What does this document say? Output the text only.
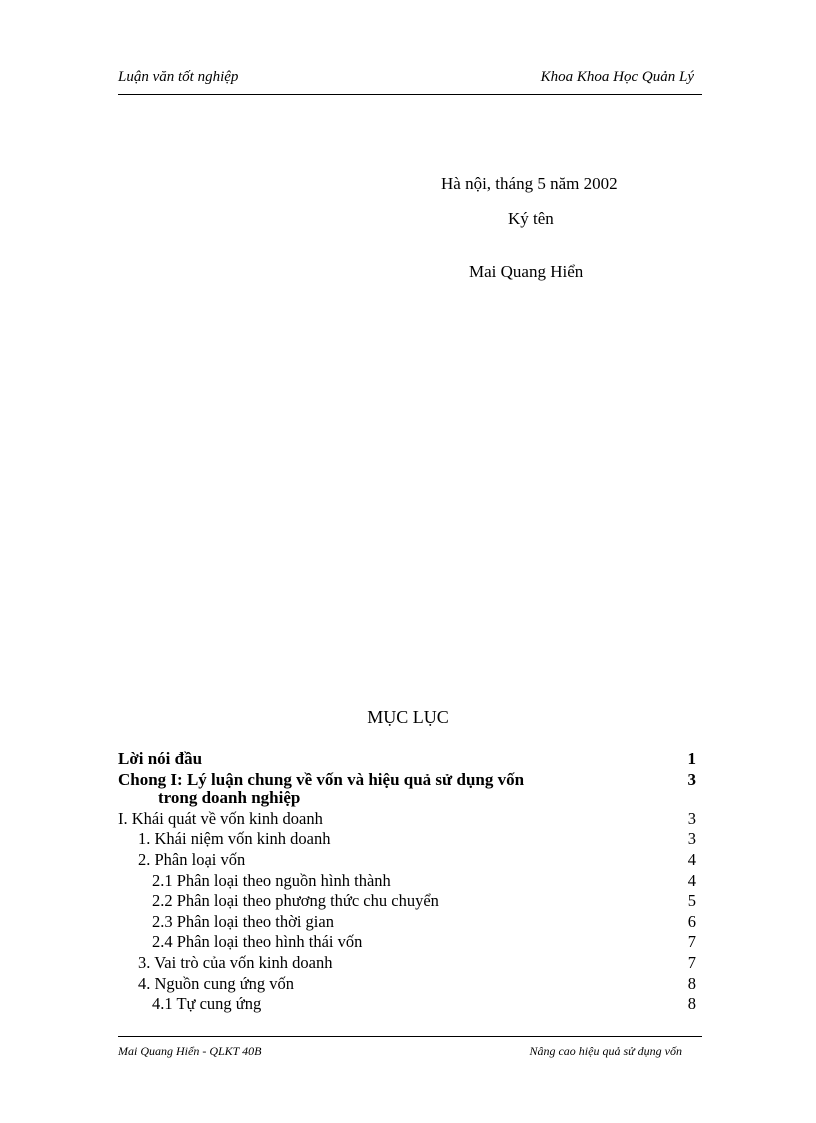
Luận văn tốt nghiệp	Khoa Khoa Học Quản Lý
Hà nội, tháng 5 năm 2002
Ký tên
Mai Quang Hiển
MỤC LỤC
Lời nói đầu	1
Chong I: Lý luận chung về vốn và hiệu quả sử dụng vốn	3
trong doanh nghiệp
I. Khái quát về vốn kinh doanh	3
1. Khái niệm vốn kinh doanh	3
2. Phân loại vốn	4
2.1 Phân loại theo nguồn hình thành	4
2.2 Phân loại theo phương thức chu chuyển	5
2.3 Phân loại theo thời gian	6
2.4 Phân loại theo hình thái vốn	7
3. Vai trò của vốn kinh doanh	7
4. Nguồn cung ứng vốn	8
4.1 Tự cung ứng	8
Mai Quang Hiển - QLKT 40B	Nâng cao hiệu quả sử dụng vốn
